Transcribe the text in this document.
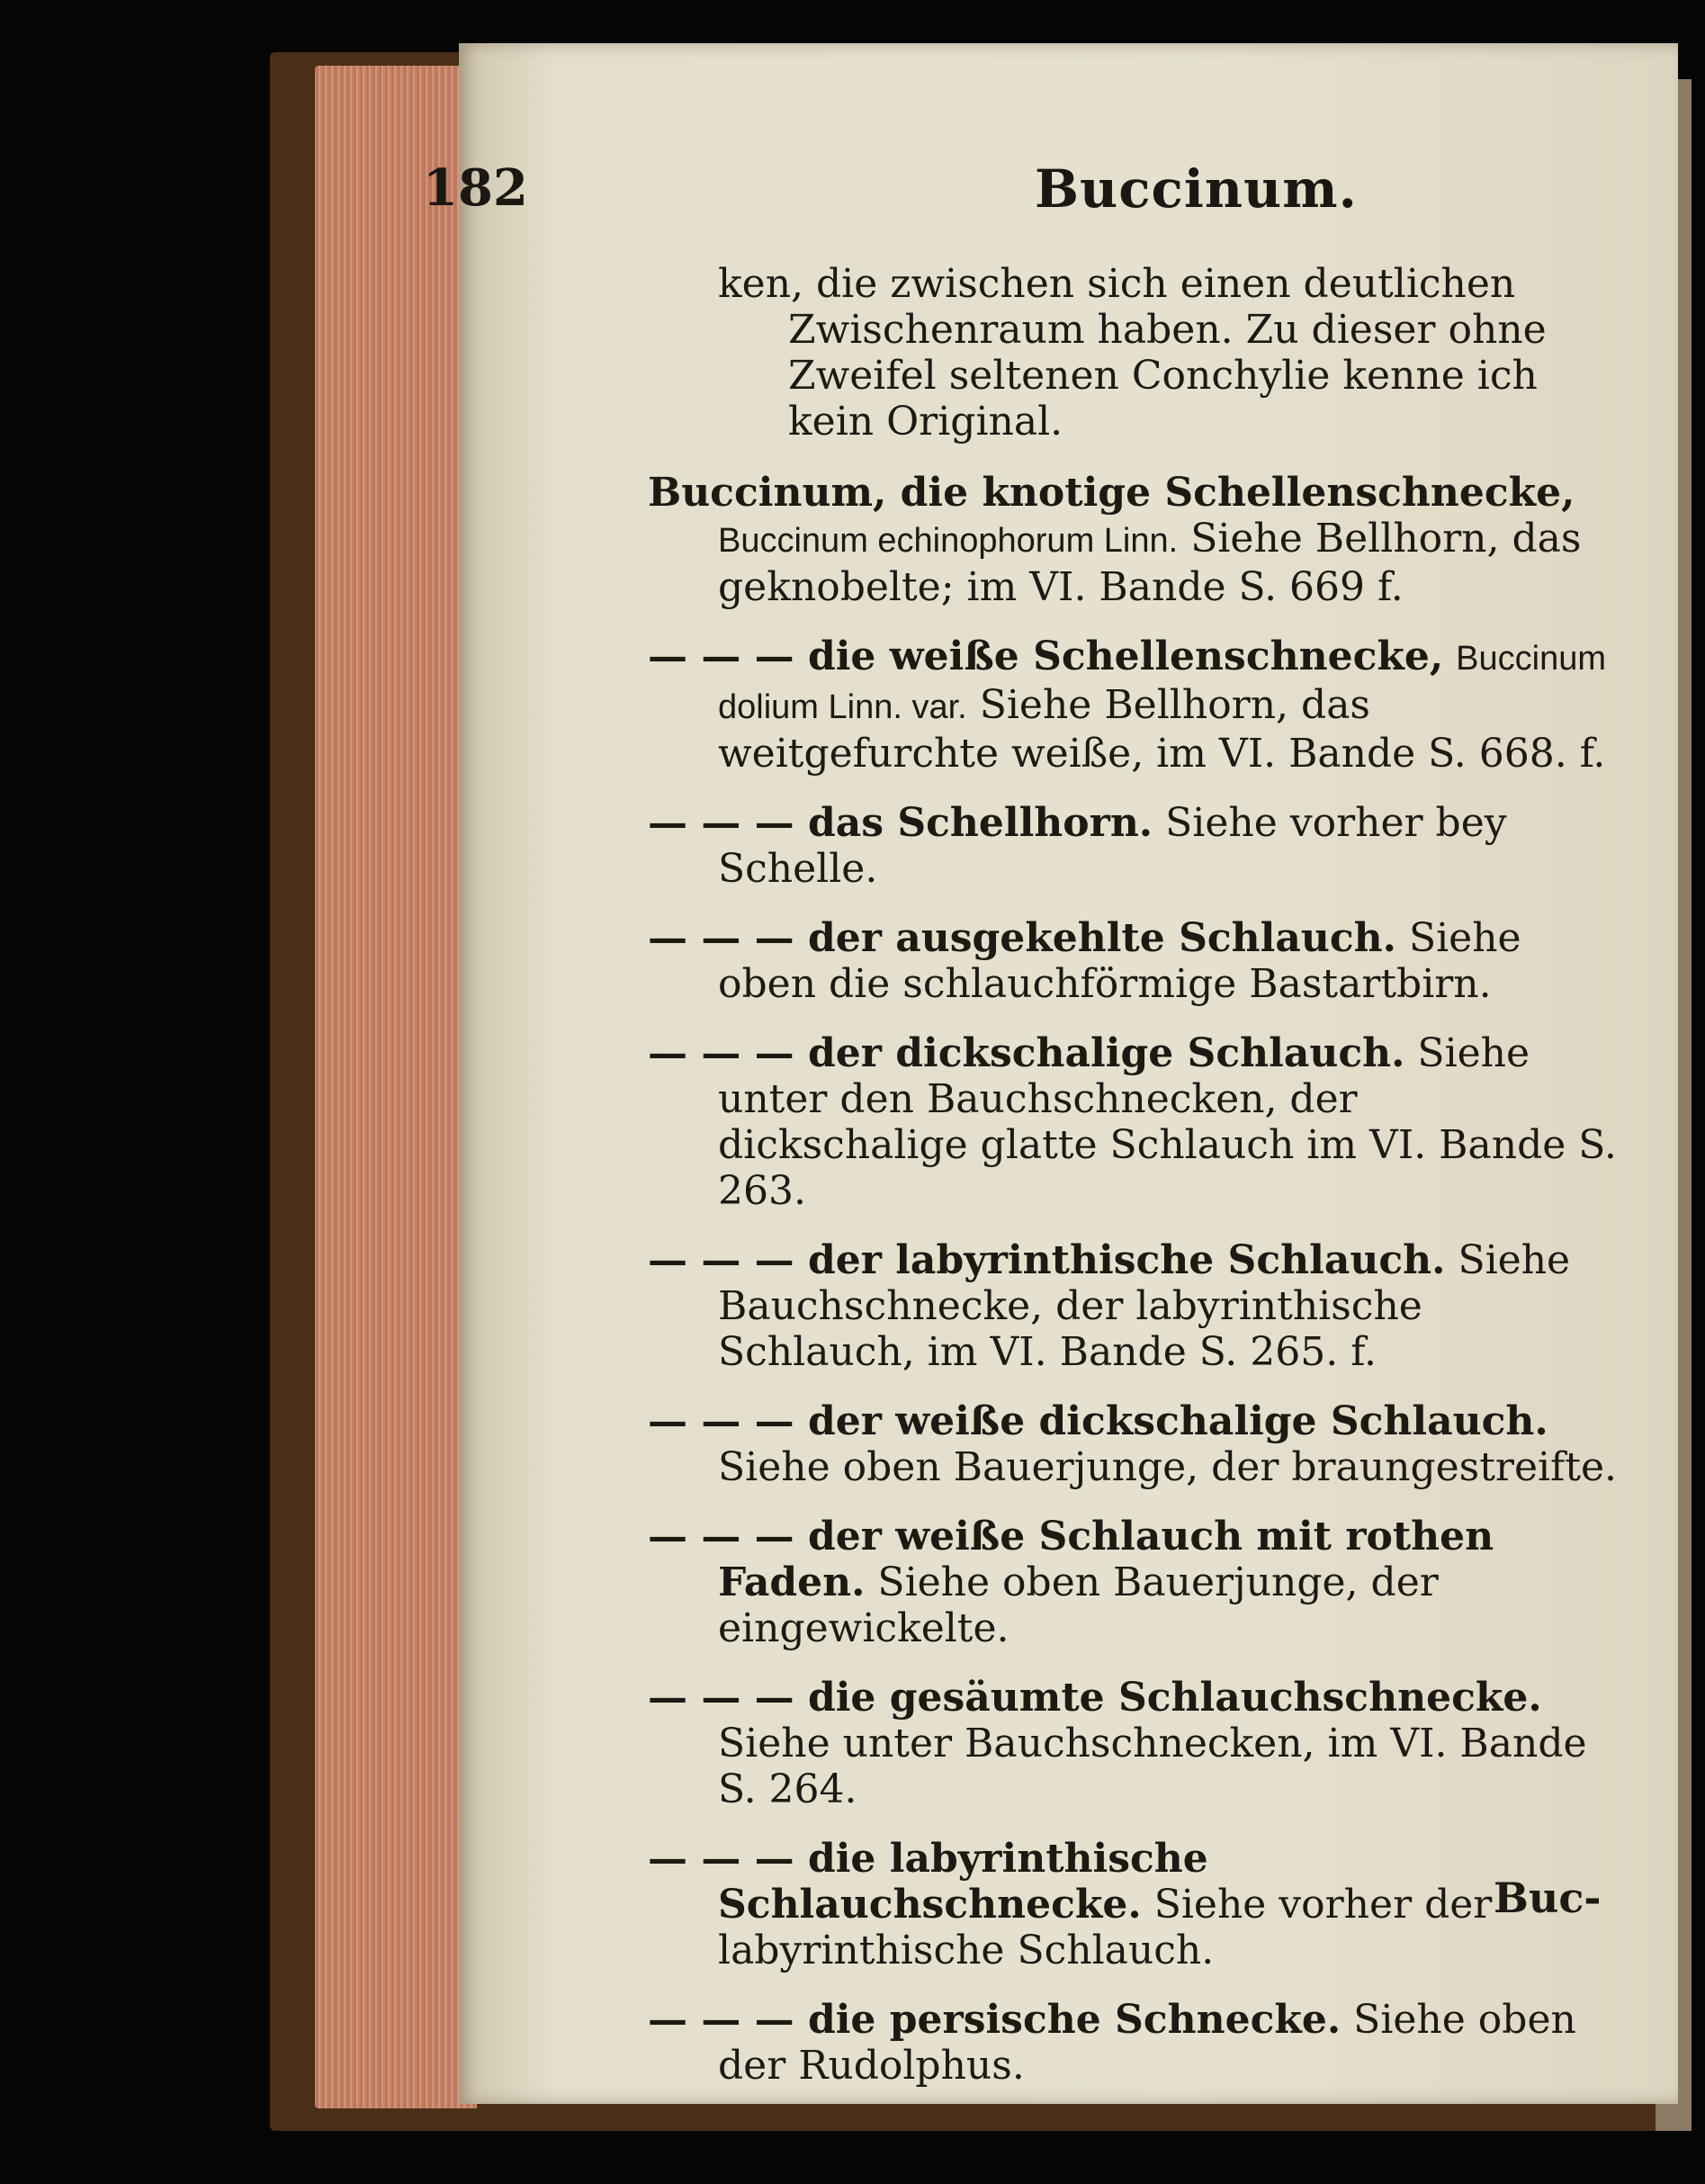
182	Buccinum.

ken, die zwischen sich einen deutlichen Zwischenraum haben. Zu dieser ohne Zweifel seltenen Conchylie kenne ich kein Original.

Buccinum, die knotige Schellenschnecke, Buccinum echinophorum Linn. Siehe Bellhorn, das geknobelte; im VI. Bande S. 669 f.

— — — die weiße Schellenschnecke, Buccinum dolium Linn. var. Siehe Bellhorn, das weitgefurchte weiße, im VI. Bande S. 668. f.

— — — das Schellhorn. Siehe vorher bey Schelle.

— — — der ausgekehlte Schlauch. Siehe oben die schlauchförmige Bastartbirn.

— — — der dickschalige Schlauch. Siehe unter den Bauchschnecken, der dickschalige glatte Schlauch im VI. Bande S. 263.

— — — der labyrinthische Schlauch. Siehe Bauchschnecke, der labyrinthische Schlauch, im VI. Bande S. 265. f.

— — — der weiße dickschalige Schlauch. Siehe oben Bauerjunge, der braungestreifte.

— — — der weiße Schlauch mit rothen Faden. Siehe oben Bauerjunge, der eingewickelte.

— — — die gesäumte Schlauchschnecke. Siehe unter Bauchschnecken, im VI. Bande S. 264.

— — — die labyrinthische Schlauchschnecke. Siehe vorher der labyrinthische Schlauch.

— — — die persische Schnecke. Siehe oben der Rudolphus.

Buc-
